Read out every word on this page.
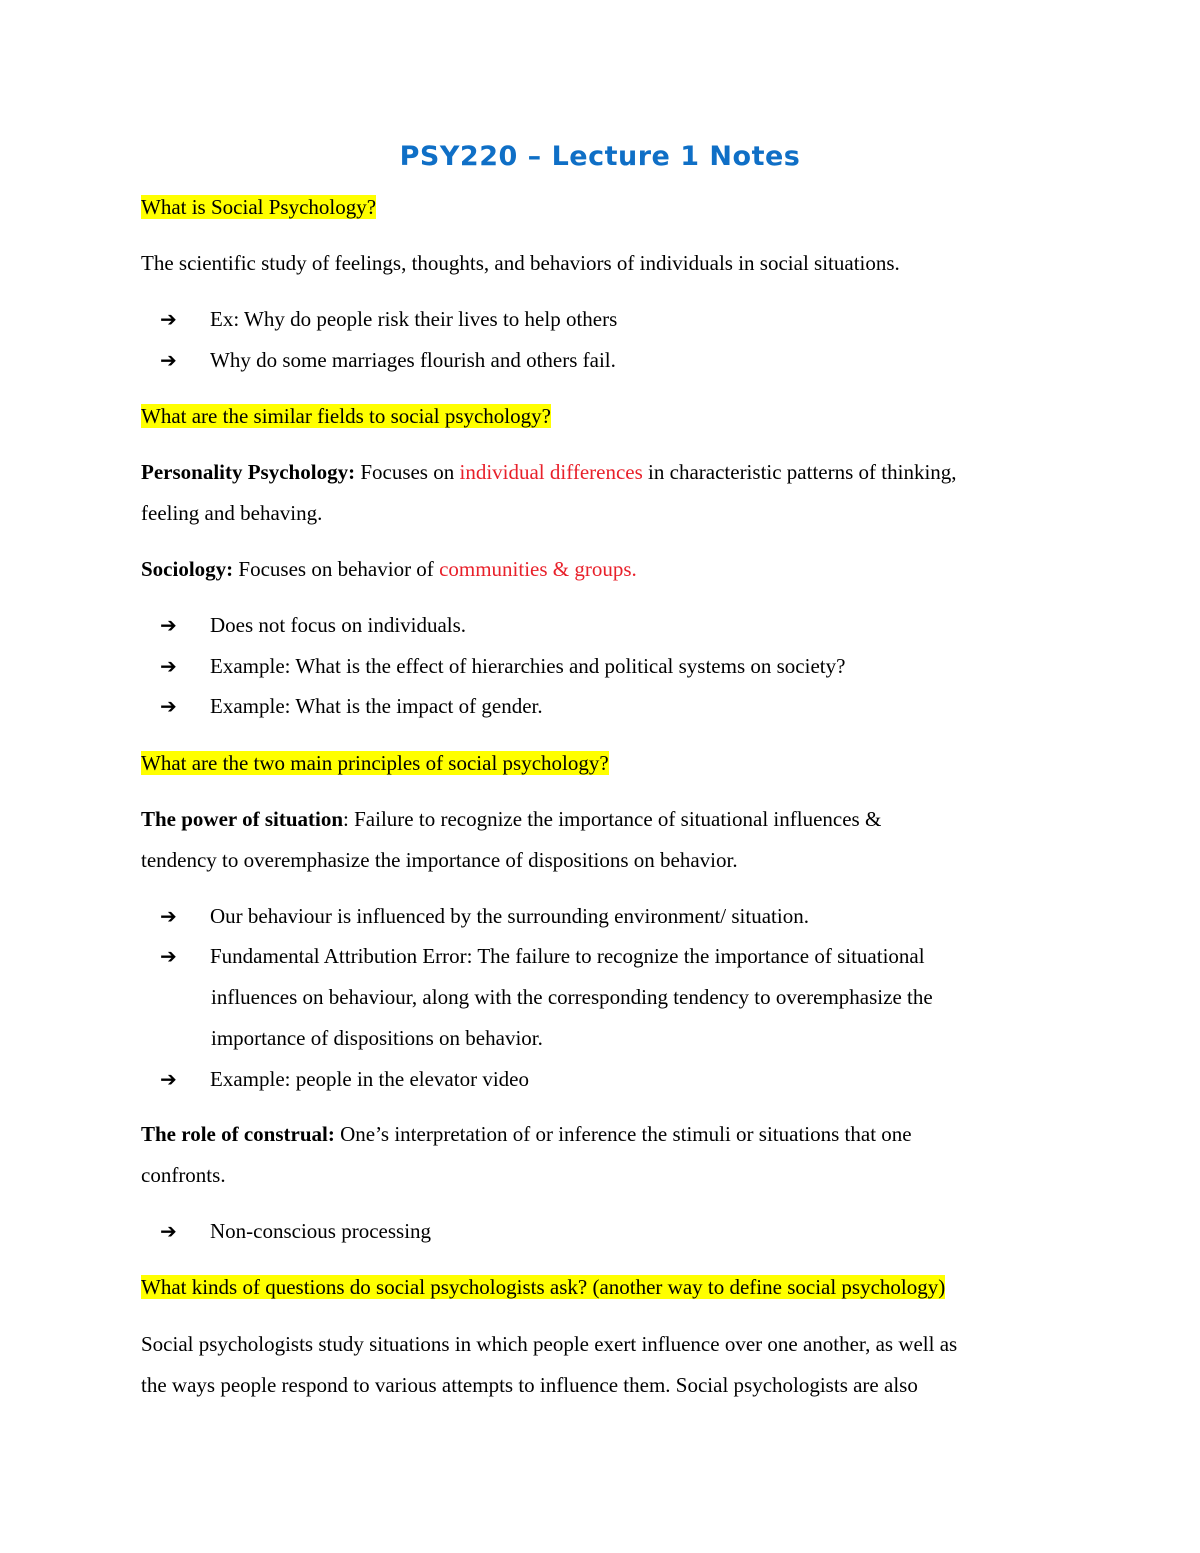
PSY220 – Lecture 1 Notes
What is Social Psychology?
The scientific study of feelings, thoughts, and behaviors of individuals in social situations.
➔ Ex: Why do people risk their lives to help others
➔ Why do some marriages flourish and others fail.
What are the similar fields to social psychology?
Personality Psychology: Focuses on individual differences in characteristic patterns of thinking,
feeling and behaving.
Sociology: Focuses on behavior of communities & groups.
➔ Does not focus on individuals.
➔ Example: What is the effect of hierarchies and political systems on society?
➔ Example: What is the impact of gender.
What are the two main principles of social psychology?
The power of situation: Failure to recognize the importance of situational influences &
tendency to overemphasize the importance of dispositions on behavior.
➔ Our behaviour is influenced by the surrounding environment/ situation.
➔ Fundamental Attribution Error: The failure to recognize the importance of situational
influences on behaviour, along with the corresponding tendency to overemphasize the
importance of dispositions on behavior.
➔ Example: people in the elevator video
The role of construal: One’s interpretation of or inference the stimuli or situations that one
confronts.
➔ Non-conscious processing
What kinds of questions do social psychologists ask? (another way to define social psychology)
Social psychologists study situations in which people exert influence over one another, as well as
the ways people respond to various attempts to influence them. Social psychologists are also
